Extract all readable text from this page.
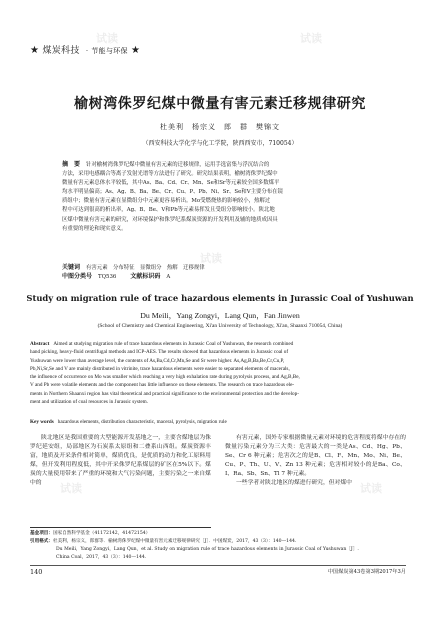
试读	试读
试读
试读	试读
★ 煤炭科技 · 节能与环保 ★
榆树湾侏罗纪煤中微量有害元素迁移规律研究
杜美利　杨宗义　郎　群　樊锦文
（西安科技大学化学与化工学院，陕西西安市，710054）
摘　要 针对榆树湾侏罗纪煤中微量有害元素的迁移规律，运用手选富集与浮沉结合的
方法，采用电感耦合等离子发射光谱等方法进行了研究。研究结果表明，榆树湾侏罗纪煤中
微量有害元素总体水平较低，其中As、Ba、Cd、Cr、Mn、Se和Sr等元素较全国多数煤平
均水平明显偏高；As、Ag、B、Ba、Be、Cr、Cu、P、Pb、Ni、Sr、Se和V主要分布在镜
质组中；微量有害元素在显微组分中元素更容易析出。Mo受燃烧热的影响较小，热解过
程中可达到很高的析出率，Ag、B、Be、V和Pb等元素易挥发且受组分影响较小。陕北地
区煤中微量有害元素的研究，对环境保护和侏罗纪系煤炭资源的开发利用及辅的地质成因具
有重要的理论和现实意义。
关键词 有害元素　分布特征　显微组分　热解　迁移规律
中图分类号 TQ536 文献标识码 A
Study on migration rule of trace hazardous elements in Jurassic Coal of Yushuwan
Du Meili，Yang Zongyi，Lang Qun，Fan Jinwen
(School of Chemistry and Chemical Engineering, Xi'an University of Technology, Xi'an, Shaanxi 710054, China)
Abstract Aimed at studying migration rule of trace hazardous elements in Jurassic Coal of Yushuwan, the research combined
hand picking, heavy-fluid centrifugal methods and ICP-AES. The results showed that hazardous elements in Jurassic coal of
Yushuwan were lower than average level, the contents of As,Ba,Cd,Cr,Mn,Se and Sr were higher. As,Ag,B,Ba,Be,Cr,Cu,P,
Pb,Ni,Sr,Se and V are mainly distributed in vitrinite, trace hazardous elements were easier to separated elements of macerals,
the influence of occurrence on Mo was smaller which reaching a very high exhalation rate during pyrolysis process, and Ag,B,Be,
V and Pb were volatile elements and the component has little influence on these elements. The research on trace hazardous ele-
ments in Northern Shaanxi region has vital theoretical and practical significance to the environmental protection and the develop-
ment and utilization of coal resources in Jurassic system.
Key words hazardous elements, distribution characteristic, maceral, pyrolysis, migration rule
陕北地区是我国重要的大型能源开发基地之一，主要含煤地层为侏罗纪延安组，局部地区为石炭系太原组和二叠系山西组。煤炭资源丰富，地质及开采条件相对简单，煤质优良，是优质的动力和化工原料用煤，但开发利用程度低，其中开采侏罗纪系煤层的矿区在5%以下。煤炭的大量使用带来了严重的环境和大气污染问题，主要污染之一来自煤中的
有害元素，国外专家根据微量元素对环境的危害程度将煤中存在的微量污染元素分为三大类：危害最大的一类是As、Cd、Hg、Pb、Se、Cr 6 种元素；危害次之的是B、Cl、F、Mn、Mo、Ni、Be、Cu、P、Th、U、V、Zn 13 种元素；危害相对较小的是Ba、Co、I、Ra、Sb、Sn、Tl 7 种元素。
一些学者对陕北地区的煤进行研究，但对煤中
基金项目：国家自然科学基金（41172142，41472154）
引用格式：杜美利，杨宗义，郎群等．榆树湾侏罗纪煤中微量有害元素迁移规律研究［J］．中国煤炭，2017，43（3）：140—144.
Du Meili，Yang Zongyi，Lang Qun，et al. Study on migration rule of trace hazardous elements in Jurassic Coal of Yushuwan［J］.
China Coal，2017，43（3）：140—144.
140	中国煤炭第43卷第3期2017年3月
